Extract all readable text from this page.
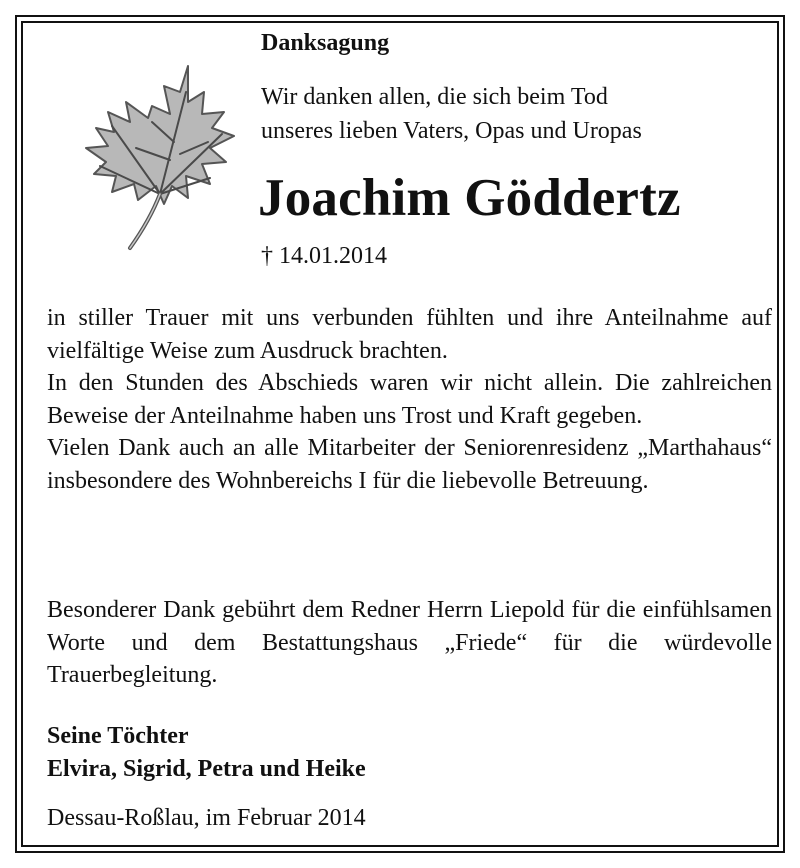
Danksagung
Wir danken allen, die sich beim Tod
unseres lieben Vaters, Opas und Uropas
Joachim Göddertz
† 14.01.2014
in stiller Trauer mit uns verbunden fühlten und ihre Anteilnahme auf vielfältige Weise zum Ausdruck brachten.
In den Stunden des Abschieds waren wir nicht allein. Die zahlreichen Beweise der Anteilnahme haben uns Trost und Kraft gegeben.
Vielen Dank auch an alle Mitarbeiter der Seniorenresidenz „Marthahaus“ insbesondere des Wohnbereichs I für die liebevolle Betreuung.
Besonderer Dank gebührt dem Redner Herrn Liepold für die einfühlsamen Worte und dem Bestattungshaus „Friede“ für die würdevolle Trauerbegleitung.
Seine Töchter
Elvira, Sigrid, Petra und Heike
Dessau-Roßlau, im Februar 2014
